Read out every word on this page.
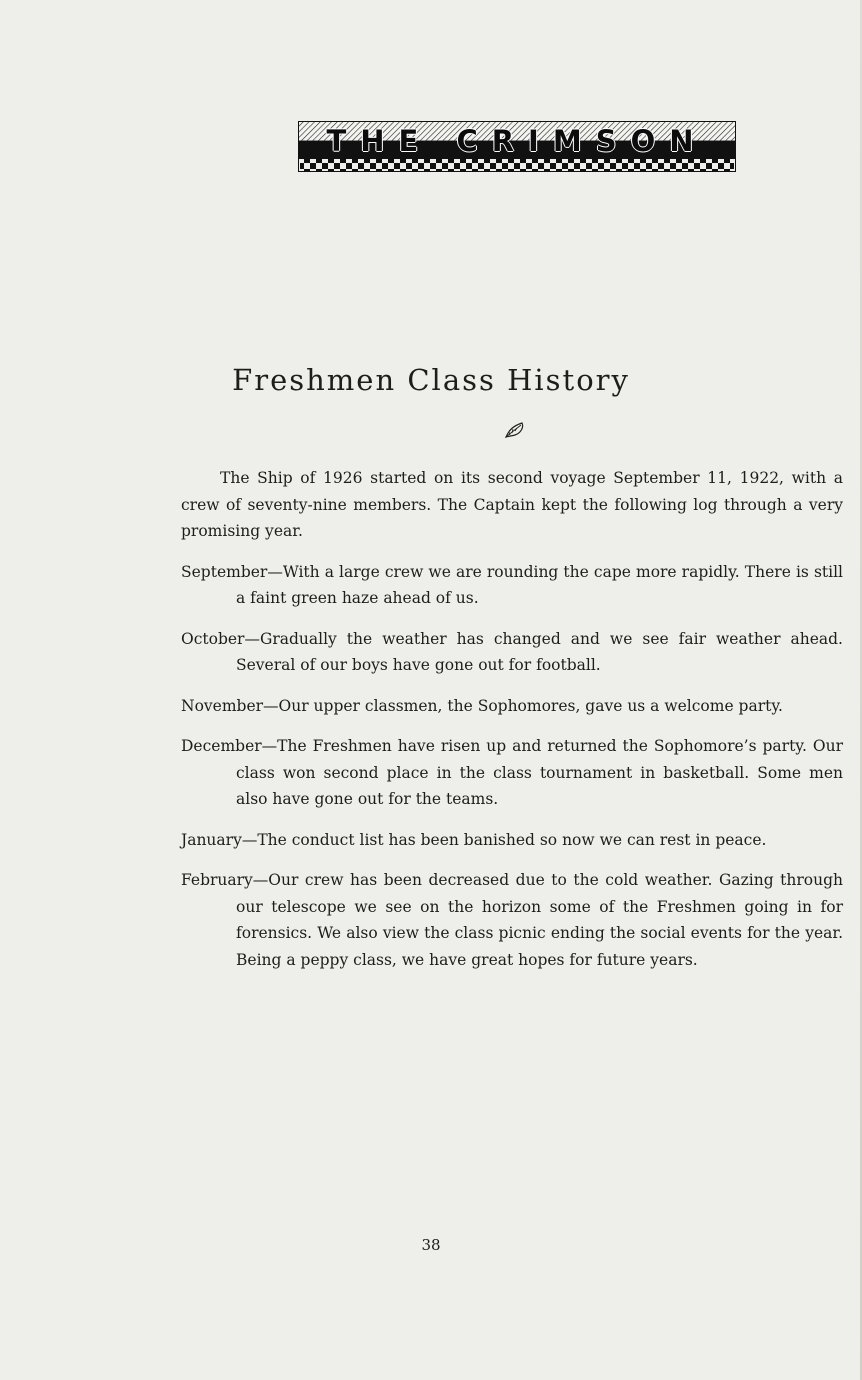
THE CRIMSON
Freshmen Class History

The Ship of 1926 started on its second voyage September 11, 1922, with a crew of seventy-nine members. The Captain kept the following log through a very promising year.

September—With a large crew we are rounding the cape more rapidly. There is still a faint green haze ahead of us.

October—Gradually the weather has changed and we see fair weather ahead. Several of our boys have gone out for football.

November—Our upper classmen, the Sophomores, gave us a welcome party.

December—The Freshmen have risen up and returned the Sophomore’s party. Our class won second place in the class tournament in basketball. Some men also have gone out for the teams.

January—The conduct list has been banished so now we can rest in peace.

February—Our crew has been decreased due to the cold weather. Gazing through our telescope we see on the horizon some of the Freshmen going in for forensics. We also view the class picnic ending the social events for the year. Being a peppy class, we have great hopes for future years.

38
